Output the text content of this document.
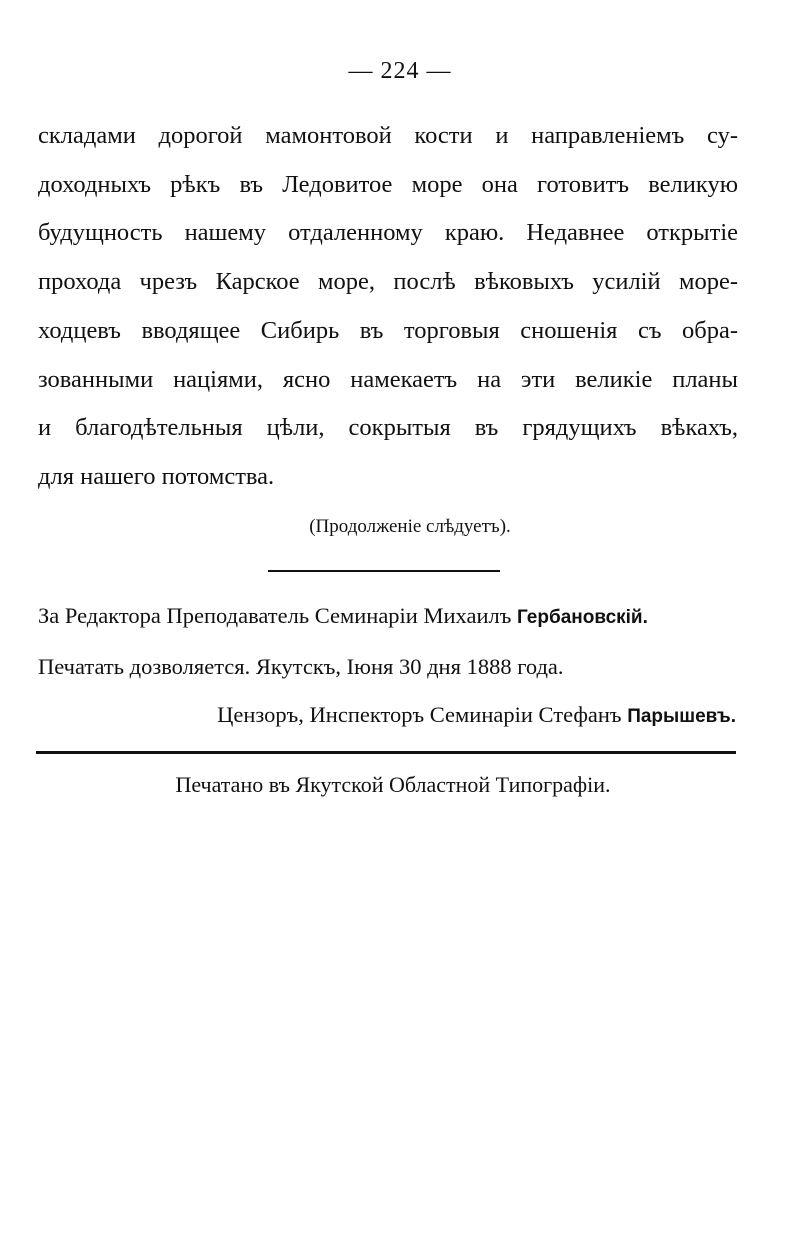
— 224 —
складами дорогой мамонтовой кости и направленіемъ су-
доходныхъ рѣкъ въ Ледовитое море она готовитъ великую
будущность нашему отдаленному краю. Недавнее открытіе
прохода чрезъ Карское море, послѣ вѣковыхъ усилій море-
ходцевъ вводящее Сибирь въ торговыя сношенія съ обра-
зованными націями, ясно намекаетъ на эти великіе планы
и благодѣтельныя цѣли, сокрытыя въ грядущихъ вѣкахъ,
для нашего потомства.
(Продолженіе слѣдуетъ).
За Редактора Преподаватель Семинаріи Михаилъ Гербановскій.
Печатать дозволяется. Якутскъ, Іюня 30 дня 1888 года.
Цензоръ, Инспекторъ Семинаріи Стефанъ Парышевъ.
Печатано въ Якутской Областной Типографіи.
